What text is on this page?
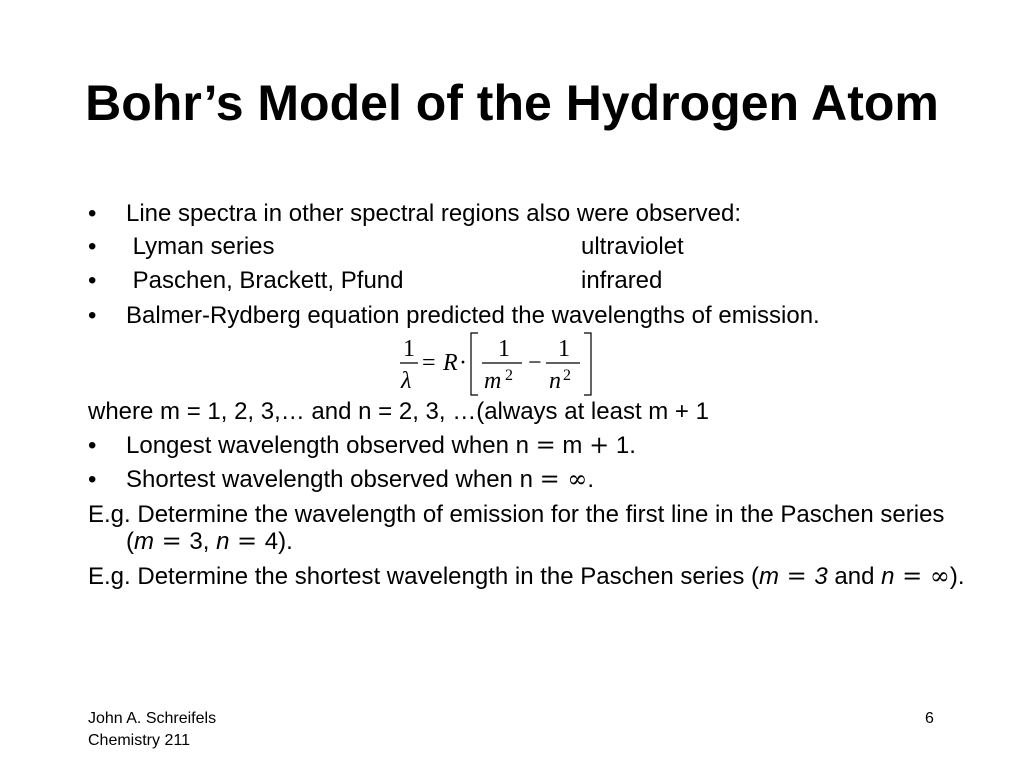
Bohr’s Model of the Hydrogen Atom
•	Line spectra in other spectral regions also were observed:
•	Lyman series	ultraviolet
•	Paschen, Brackett, Pfund	infrared
•	Balmer-Rydberg equation predicted the wavelengths of emission.
1
λ
= R ·
1
m 2 −
1
n 2
where m = 1, 2, 3,… and n = 2, 3, …(always at least m + 1
•	Longest wavelength observed when n = m + 1.
•	Shortest wavelength observed when n = ∞.
E.g. Determine the wavelength of emission for the first line in the Paschen series (m = 3, n = 4).
E.g. Determine the shortest wavelength in the Paschen series (m = 3 and n = ∞).
John A. Schreifels
Chemistry 211
6
